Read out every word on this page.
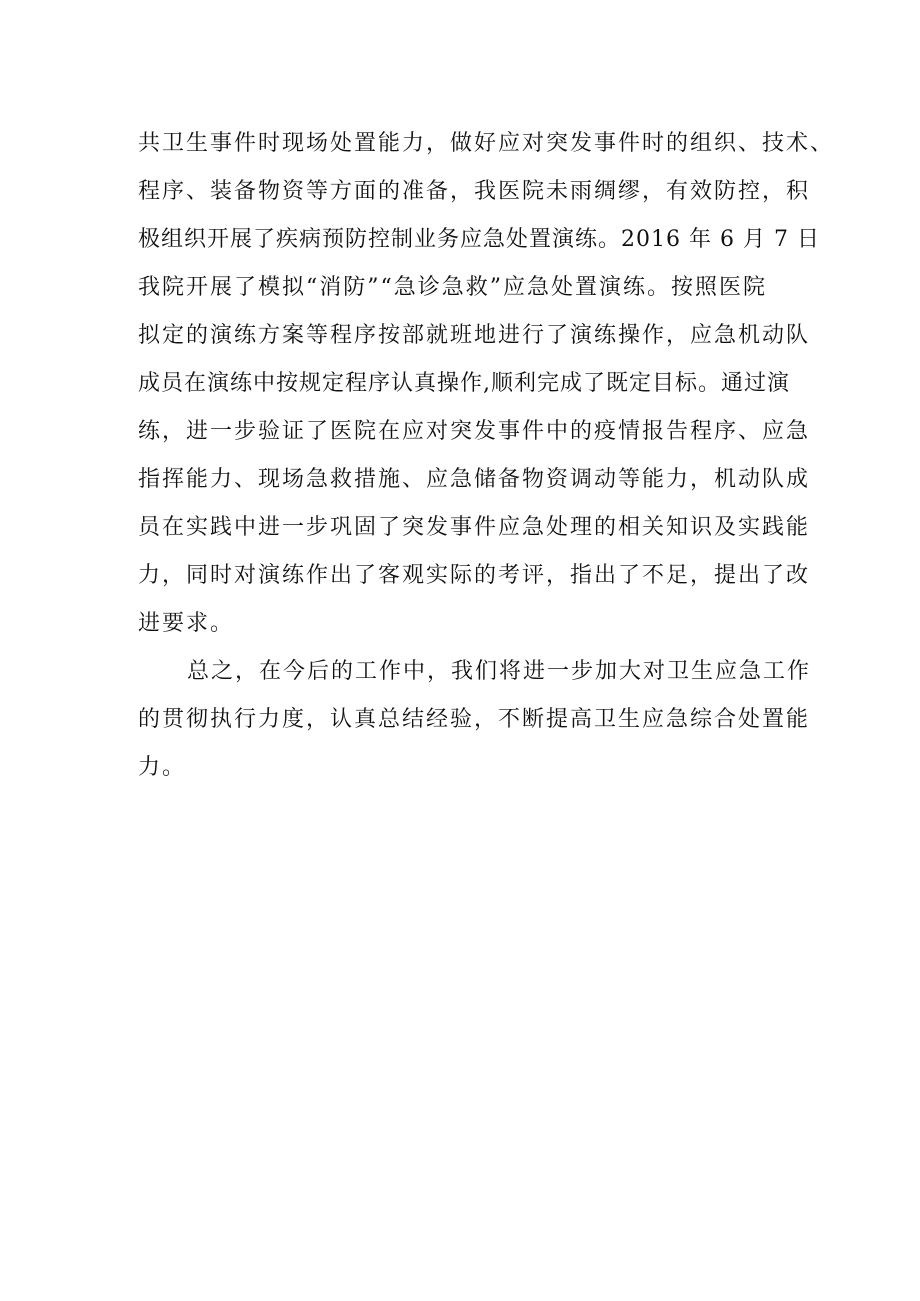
共卫生事件时现场处置能力，做好应对突发事件时的组织、技术、
程序、装备物资等方面的准备，我医院未雨绸缪，有效防控，积
极组织开展了疾病预防控制业务应急处置演练。2016 年 6 月 7 日
我院开展了模拟“消防”“急诊急救”应急处置演练。按照医院
拟定的演练方案等程序按部就班地进行了演练操作，应急机动队
成员在演练中按规定程序认真操作,顺利完成了既定目标。通过演
练，进一步验证了医院在应对突发事件中的疫情报告程序、应急
指挥能力、现场急救措施、应急储备物资调动等能力，机动队成
员在实践中进一步巩固了突发事件应急处理的相关知识及实践能
力，同时对演练作出了客观实际的考评，指出了不足，提出了改
进要求。
总之，在今后的工作中，我们将进一步加大对卫生应急工作
的贯彻执行力度，认真总结经验，不断提高卫生应急综合处置能
力。
